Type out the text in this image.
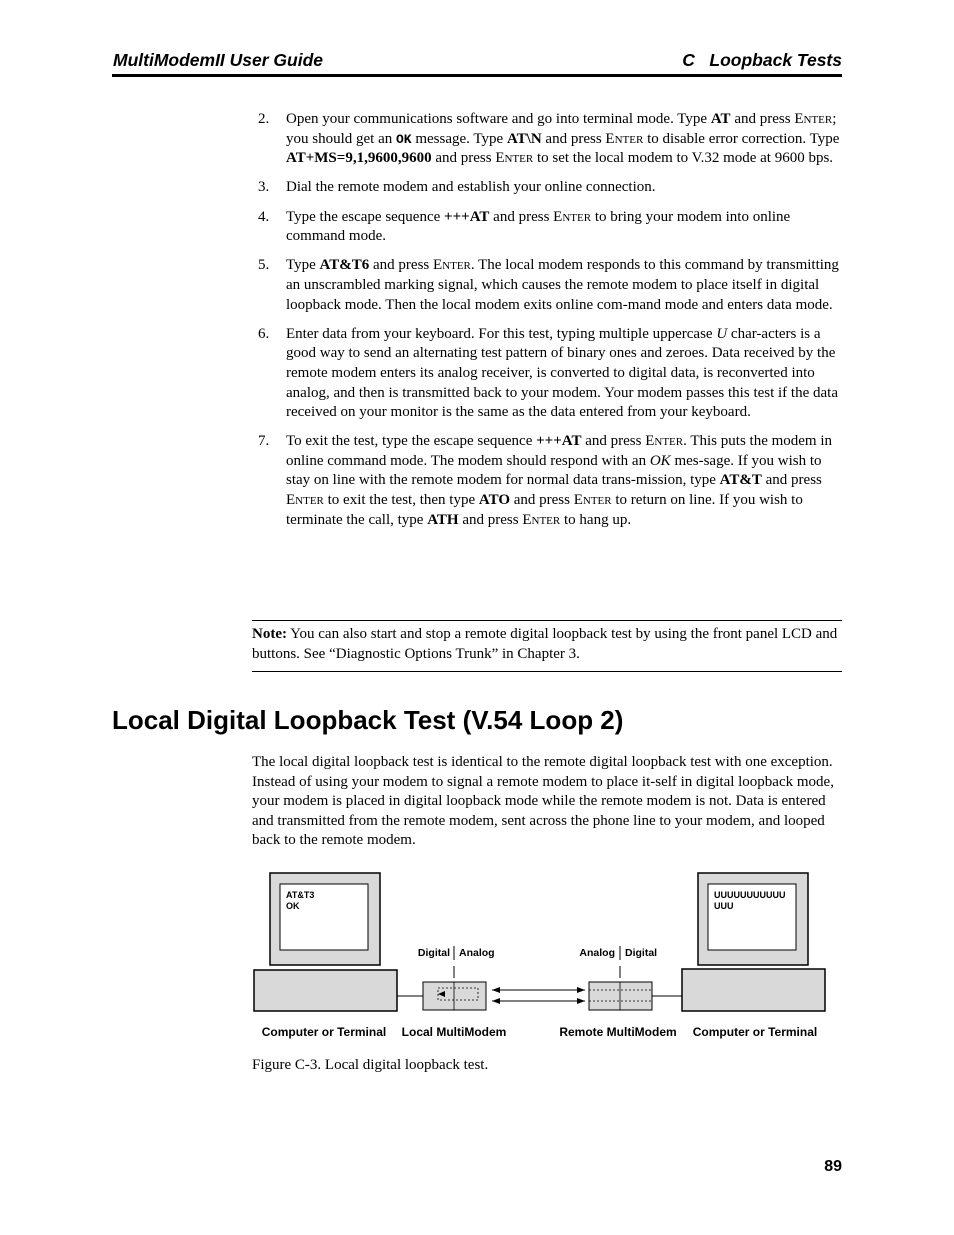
MultiModemII User Guide	C   Loopback Tests
2.	Open your communications software and go into terminal mode. Type AT and press Enter; you should get an OK message. Type AT\N and press Enter to disable error correction. Type AT+MS=9,1,9600,9600 and press Enter to set the local modem to V.32 mode at 9600 bps.
3.	Dial the remote modem and establish your online connection.
4.	Type the escape sequence +++AT and press Enter to bring your modem into online command mode.
5.	Type AT&T6 and press Enter. The local modem responds to this command by transmitting an unscrambled marking signal, which causes the remote modem to place itself in digital loopback mode. Then the local modem exits online com-mand mode and enters data mode.
6.	Enter data from your keyboard. For this test, typing multiple uppercase U char-acters is a good way to send an alternating test pattern of binary ones and zeroes. Data received by the remote modem enters its analog receiver, is converted to digital data, is reconverted into analog, and then is transmitted back to your modem. Your modem passes this test if the data received on your monitor is the same as the data entered from your keyboard.
7.	To exit the test, type the escape sequence +++AT and press Enter. This puts the modem in online command mode. The modem should respond with an OK mes-sage. If you wish to stay on line with the remote modem for normal data trans-mission, type AT&T and press Enter to exit the test, then type ATO and press Enter to return on line. If you wish to terminate the call, type ATH and press Enter to hang up.
Note: You can also start and stop a remote digital loopback test by using the front panel LCD and buttons. See “Diagnostic Options Trunk” in Chapter 3.
Local Digital Loopback Test (V.54 Loop 2)

The local digital loopback test is identical to the remote digital loopback test with one exception. Instead of using your modem to signal a remote modem to place it-self in digital loopback mode, your modem is placed in digital loopback mode while the remote modem is not. Data is entered and transmitted from the remote modem, sent across the phone line to your modem, and looped back to the remote modem.

AT&T3
OK
UUUUUUUUUUU
UUU
Digital Analog	Analog Digital
Computer or Terminal Local MultiModem	Remote MultiModem Computer or Terminal
Figure C-3. Local digital loopback test.
89
